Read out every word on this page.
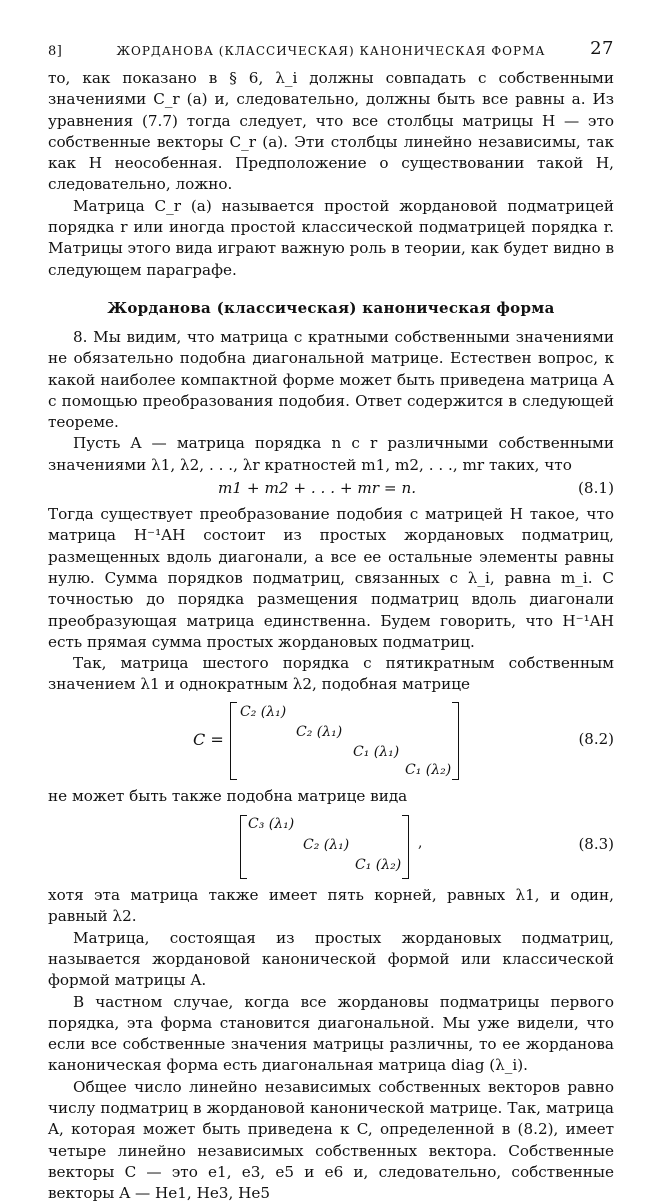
8]	ЖОРДАНОВА (КЛАССИЧЕСКАЯ) КАНОНИЧЕСКАЯ ФОРМА	27

то, как показано в § 6, λ_i должны совпадать с собственными значениями C_r (a) и, следовательно, должны быть все равны a. Из уравнения (7.7) тогда следует, что все столбцы матрицы H — это собственные векторы C_r (a). Эти столбцы линейно независимы, так как H неособенная. Предположение о существовании такой H, следовательно, ложно.

Матрица C_r (a) называется простой жордановой подматрицей порядка r или иногда простой классической подматрицей порядка r. Матрицы этого вида играют важную роль в теории, как будет видно в следующем параграфе.

Жорданова (классическая) каноническая форма

8. Мы видим, что матрица с кратными собственными значениями не обязательно подобна диагональной матрице. Естествен вопрос, к какой наиболее компактной форме может быть приведена матрица A с помощью преобразования подобия. Ответ содержится в следующей теореме.

Пусть A — матрица порядка n с r различными собственными значениями λ1, λ2, . . ., λr кратностей m1, m2, . . ., mr таких, что

m1 + m2 + . . . + mr = n.	(8.1)

Тогда существует преобразование подобия с матрицей H такое, что матрица H⁻¹AH состоит из простых жордановых подматриц, размещенных вдоль диагонали, а все ее остальные элементы равны нулю. Сумма порядков подматриц, связанных с λ_i, равна m_i. С точностью до порядка размещения подматриц вдоль диагонали преобразующая матрица единственна. Будем говорить, что H⁻¹AH есть прямая сумма простых жордановых подматриц.

Так, матрица шестого порядка с пятикратным собственным значением λ1 и однократным λ2, подобная матрице

C =
C₂ (λ₁)
C₂ (λ₁)
C₁ (λ₁)
C₁ (λ₂)
(8.2)

не может быть также подобна матрице вида

C₃ (λ₁)
C₂ (λ₁)
C₁ (λ₂)
,	(8.3)

хотя эта матрица также имеет пять корней, равных λ1, и один, равный λ2.

Матрица, состоящая из простых жордановых подматриц, называется жордановой канонической формой или классической формой матрицы A.

В частном случае, когда все жордановы подматрицы первого порядка, эта форма становится диагональной. Мы уже видели, что если все собственные значения матрицы различны, то ее жорданова каноническая форма есть диагональная матрица diag (λ_i).

Общее число линейно независимых собственных векторов равно числу подматриц в жордановой канонической матрице. Так, матрица A, которая может быть приведена к C, определенной в (8.2), имеет четыре линейно независимых собственных вектора. Собственные векторы C — это e1, e3, e5 и e6 и, следовательно, собственные векторы A — He1, He3, He5
